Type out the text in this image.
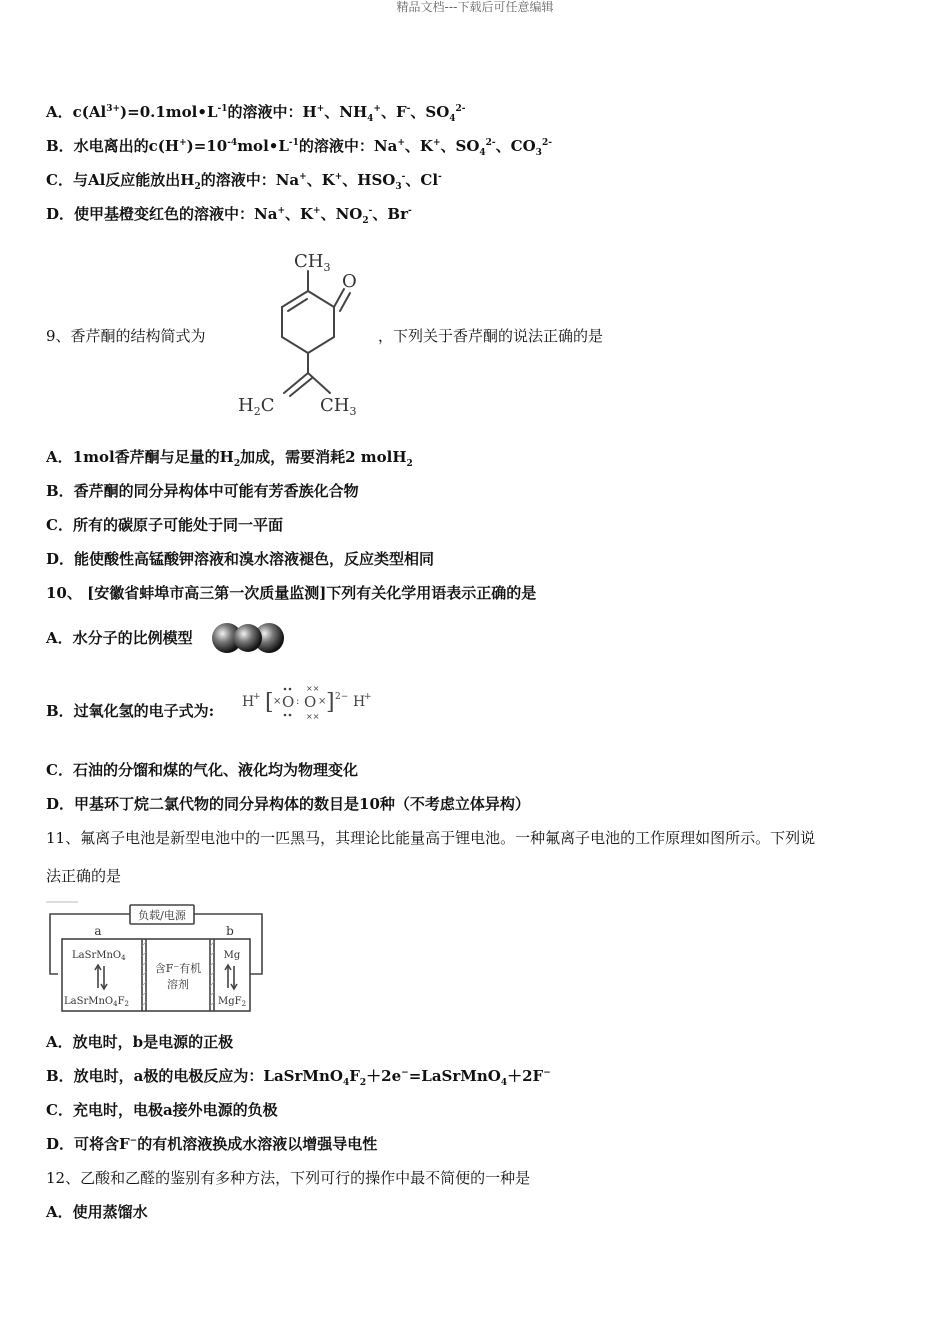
精品文档---下载后可任意编辑
A．$c(Al^{3+})=0.1mol•L^{-1}$的溶液中：H+、$NH_4^+$、F-、$SO_4^{2-}$
B．水电离出的$c(H^+)=10^{-4}mol•L^{-1}$的溶液中：Na+、K+、$SO_4^{2-}$、$CO_3^{2-}$
C．与Al反应能放出$H_2$的溶液中：Na+、K+、$HSO_3^-$、Cl-
D．使甲基橙变红色的溶液中：Na+、K+、$NO_2^-$、Br-
9、香芹酮的结构简式为	，下列关于香芹酮的说法正确的是
$CH_3$
O
$H_2C$	$CH_3$
A．1mol香芹酮与足量的$H_2$加成，需要消耗2 molH$_2$
B．香芹酮的同分异构体中可能有芳香族化合物
C．所有的碳原子可能处于同一平面
D．能使酸性高锰酸钾溶液和溴水溶液褪色，反应类型相同
10、 [安徽省蚌埠市高三第一次质量监测]下列有关化学用语表示正确的是
A．水分子的比例模型
B．过氧化氢的电子式为: H
+ [ × O : O × ] 2− H
+
××
××
C．石油的分馏和煤的气化、液化均为物理变化
D．甲基环丁烷二氯代物的同分异构体的数目是10种（不考虑立体异构）
11、氟离子电池是新型电池中的一匹黑马，其理论比能量高于锂电池。一种氟离子电池的工作原理如图所示。下列说
法正确的是
负载/电源
a	b
LaSrMnO$_4$
$LaSrMnO_4F_2$
含F⁻有机
溶剂
Mg
MgF$_2$
A．放电时，b是电源的正极
B．放电时，a极的电极反应为：$LaSrMnO_4F_2+2e^-=LaSrMnO_4+2F^-$
C．充电时，电极a接外电源的负极
D．可将含F−的有机溶液换成水溶液以增强导电性
12、乙酸和乙醛的鉴别有多种方法，下列可行的操作中最不简便的一种是
A．使用蒸馏水
